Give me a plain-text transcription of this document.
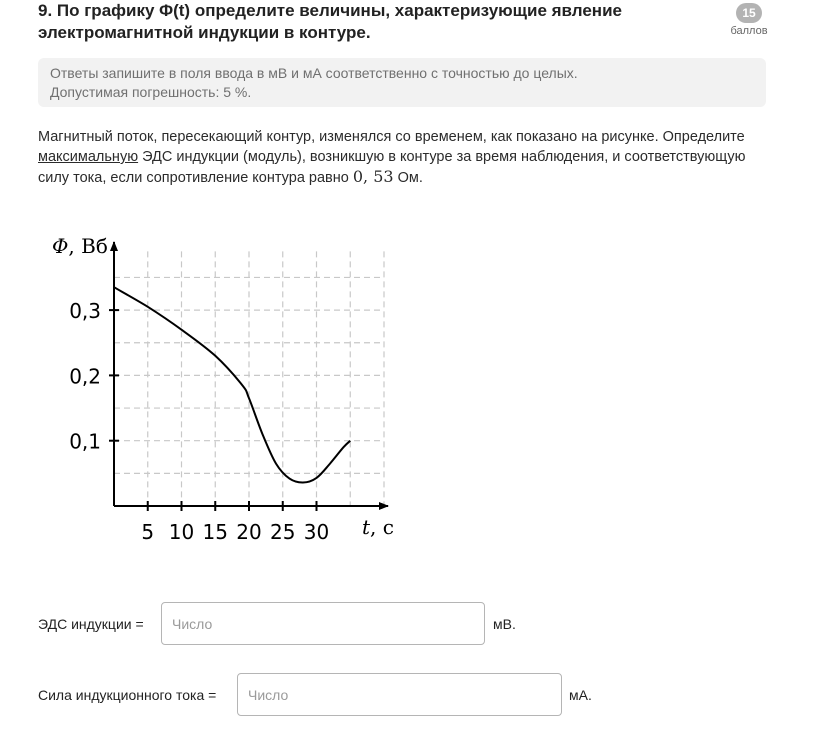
9. По графику Φ(t) определите величины, характеризующие явление электромагнитной индукции в контуре.
15
баллов
Ответы запишите в поля ввода в мВ и мА соответственно с точностью до целых.
Допустимая погрешность: 5 %.
Магнитный поток, пересекающий контур, изменялся со временем, как показано на рисунке. Определите максимальную ЭДС индукции (модуль), возникшую в контуре за время наблюдения, и соответствующую силу тока, если сопротивление контура равно 0, 53 Ом.
5 10 15 20 25 30
0,1
0,2
0,3
Φ, Вб
t, с
ЭДС индукции =
Число	мВ.
Сила индукционного тока =
Число	мА.
